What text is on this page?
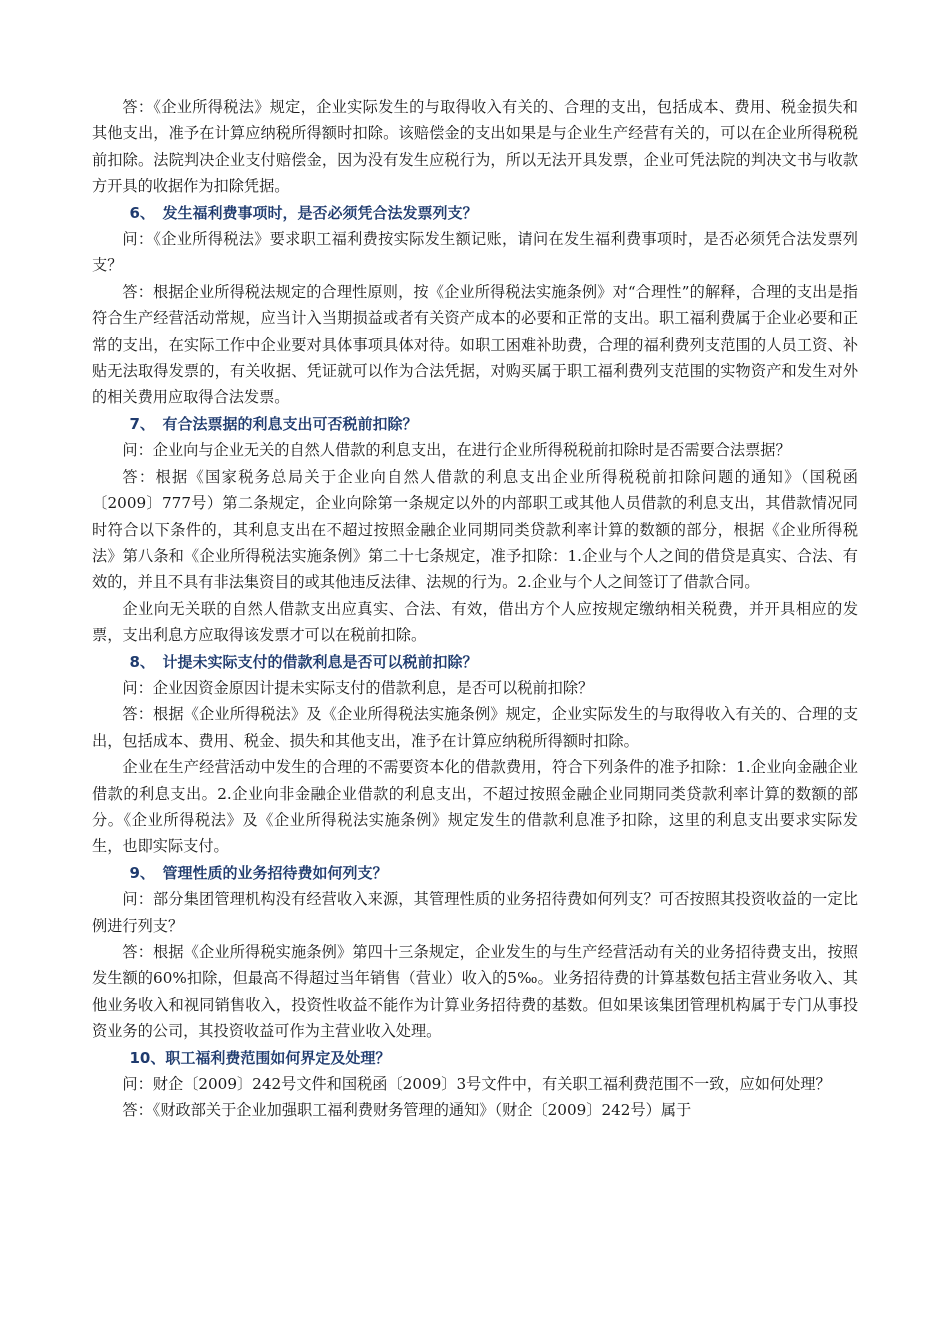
答：《企业所得税法》规定，企业实际发生的与取得收入有关的、合理的支出，包括成本、费用、税金损失和其他支出，准予在计算应纳税所得额时扣除。该赔偿金的支出如果是与企业生产经营有关的，可以在企业所得税税前扣除。法院判决企业支付赔偿金，因为没有发生应税行为，所以无法开具发票，企业可凭法院的判决文书与收款方开具的收据作为扣除凭据。

6、 发生福利费事项时，是否必须凭合法发票列支？

问：《企业所得税法》要求职工福利费按实际发生额记账，请问在发生福利费事项时，是否必须凭合法发票列支？

答：根据企业所得税法规定的合理性原则，按《企业所得税法实施条例》对“合理性”的解释，合理的支出是指符合生产经营活动常规，应当计入当期损益或者有关资产成本的必要和正常的支出。职工福利费属于企业必要和正常的支出，在实际工作中企业要对具体事项具体对待。如职工困难补助费，合理的福利费列支范围的人员工资、补贴无法取得发票的，有关收据、凭证就可以作为合法凭据，对购买属于职工福利费列支范围的实物资产和发生对外的相关费用应取得合法发票。

7、 有合法票据的利息支出可否税前扣除？

问：企业向与企业无关的自然人借款的利息支出，在进行企业所得税税前扣除时是否需要合法票据？

答：根据《国家税务总局关于企业向自然人借款的利息支出企业所得税税前扣除问题的通知》（国税函〔2009〕777号）第二条规定，企业向除第一条规定以外的内部职工或其他人员借款的利息支出，其借款情况同时符合以下条件的，其利息支出在不超过按照金融企业同期同类贷款利率计算的数额的部分，根据《企业所得税法》第八条和《企业所得税法实施条例》第二十七条规定，准予扣除：1.企业与个人之间的借贷是真实、合法、有效的，并且不具有非法集资目的或其他违反法律、法规的行为。2.企业与个人之间签订了借款合同。

企业向无关联的自然人借款支出应真实、合法、有效，借出方个人应按规定缴纳相关税费，并开具相应的发票，支出利息方应取得该发票才可以在税前扣除。

8、 计提未实际支付的借款利息是否可以税前扣除？

问：企业因资金原因计提未实际支付的借款利息，是否可以税前扣除？

答：根据《企业所得税法》及《企业所得税法实施条例》规定，企业实际发生的与取得收入有关的、合理的支出，包括成本、费用、税金、损失和其他支出，准予在计算应纳税所得额时扣除。

企业在生产经营活动中发生的合理的不需要资本化的借款费用，符合下列条件的准予扣除：1.企业向金融企业借款的利息支出。2.企业向非金融企业借款的利息支出，不超过按照金融企业同期同类贷款利率计算的数额的部分。《企业所得税法》及《企业所得税法实施条例》规定发生的借款利息准予扣除，这里的利息支出要求实际发生，也即实际支付。

9、 管理性质的业务招待费如何列支？

问：部分集团管理机构没有经营收入来源，其管理性质的业务招待费如何列支？可否按照其投资收益的一定比例进行列支？

答：根据《企业所得税实施条例》第四十三条规定，企业发生的与生产经营活动有关的业务招待费支出，按照发生额的60%扣除，但最高不得超过当年销售（营业）收入的5‰。业务招待费的计算基数包括主营业务收入、其他业务收入和视同销售收入，投资性收益不能作为计算业务招待费的基数。但如果该集团管理机构属于专门从事投资业务的公司，其投资收益可作为主营业收入处理。

10、职工福利费范围如何界定及处理？

问：财企〔2009〕242号文件和国税函〔2009〕3号文件中，有关职工福利费范围不一致，应如何处理？

答：《财政部关于企业加强职工福利费财务管理的通知》（财企〔2009〕242号）属于
